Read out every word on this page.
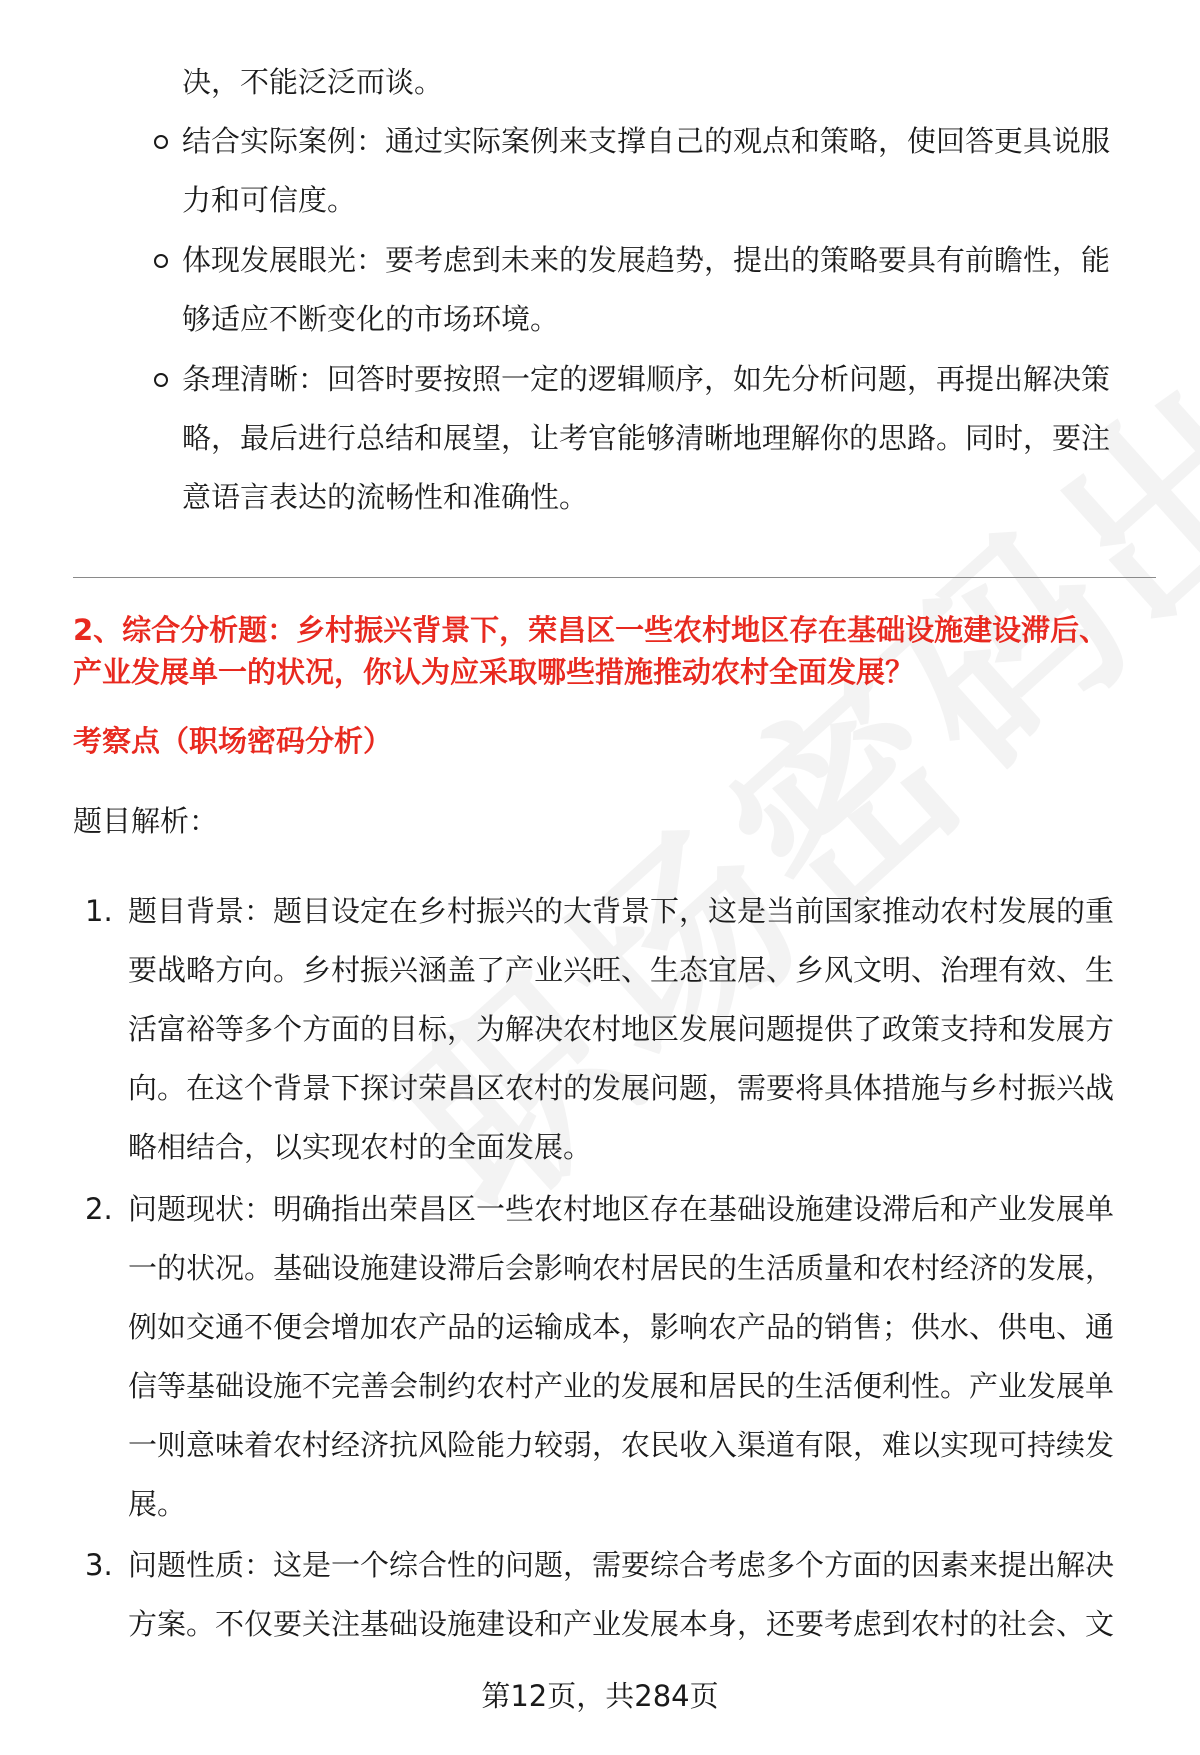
决，不能泛泛而谈。
结合实际案例：通过实际案例来支撑自己的观点和策略，使回答更具说服
力和可信度。
体现发展眼光：要考虑到未来的发展趋势，提出的策略要具有前瞻性，能
够适应不断变化的市场环境。
条理清晰：回答时要按照一定的逻辑顺序，如先分析问题，再提出解决策
略，最后进行总结和展望，让考官能够清晰地理解你的思路。同时，要注
意语言表达的流畅性和准确性。
2、综合分析题：乡村振兴背景下，荣昌区一些农村地区存在基础设施建设滞后、
产业发展单一的状况，你认为应采取哪些措施推动农村全面发展？
考察点（职场密码分析）
题目解析：
1. 题目背景：题目设定在乡村振兴的大背景下，这是当前国家推动农村发展的重
要战略方向。乡村振兴涵盖了产业兴旺、生态宜居、乡风文明、治理有效、生
活富裕等多个方面的目标，为解决农村地区发展问题提供了政策支持和发展方
向。在这个背景下探讨荣昌区农村的发展问题，需要将具体措施与乡村振兴战
略相结合，以实现农村的全面发展。
2. 问题现状：明确指出荣昌区一些农村地区存在基础设施建设滞后和产业发展单
一的状况。基础设施建设滞后会影响农村居民的生活质量和农村经济的发展，
例如交通不便会增加农产品的运输成本，影响农产品的销售；供水、供电、通
信等基础设施不完善会制约农村产业的发展和居民的生活便利性。产业发展单
一则意味着农村经济抗风险能力较弱，农民收入渠道有限，难以实现可持续发
展。
3. 问题性质：这是一个综合性的问题，需要综合考虑多个方面的因素来提出解决
方案。不仅要关注基础设施建设和产业发展本身，还要考虑到农村的社会、文
第12页，共284页
